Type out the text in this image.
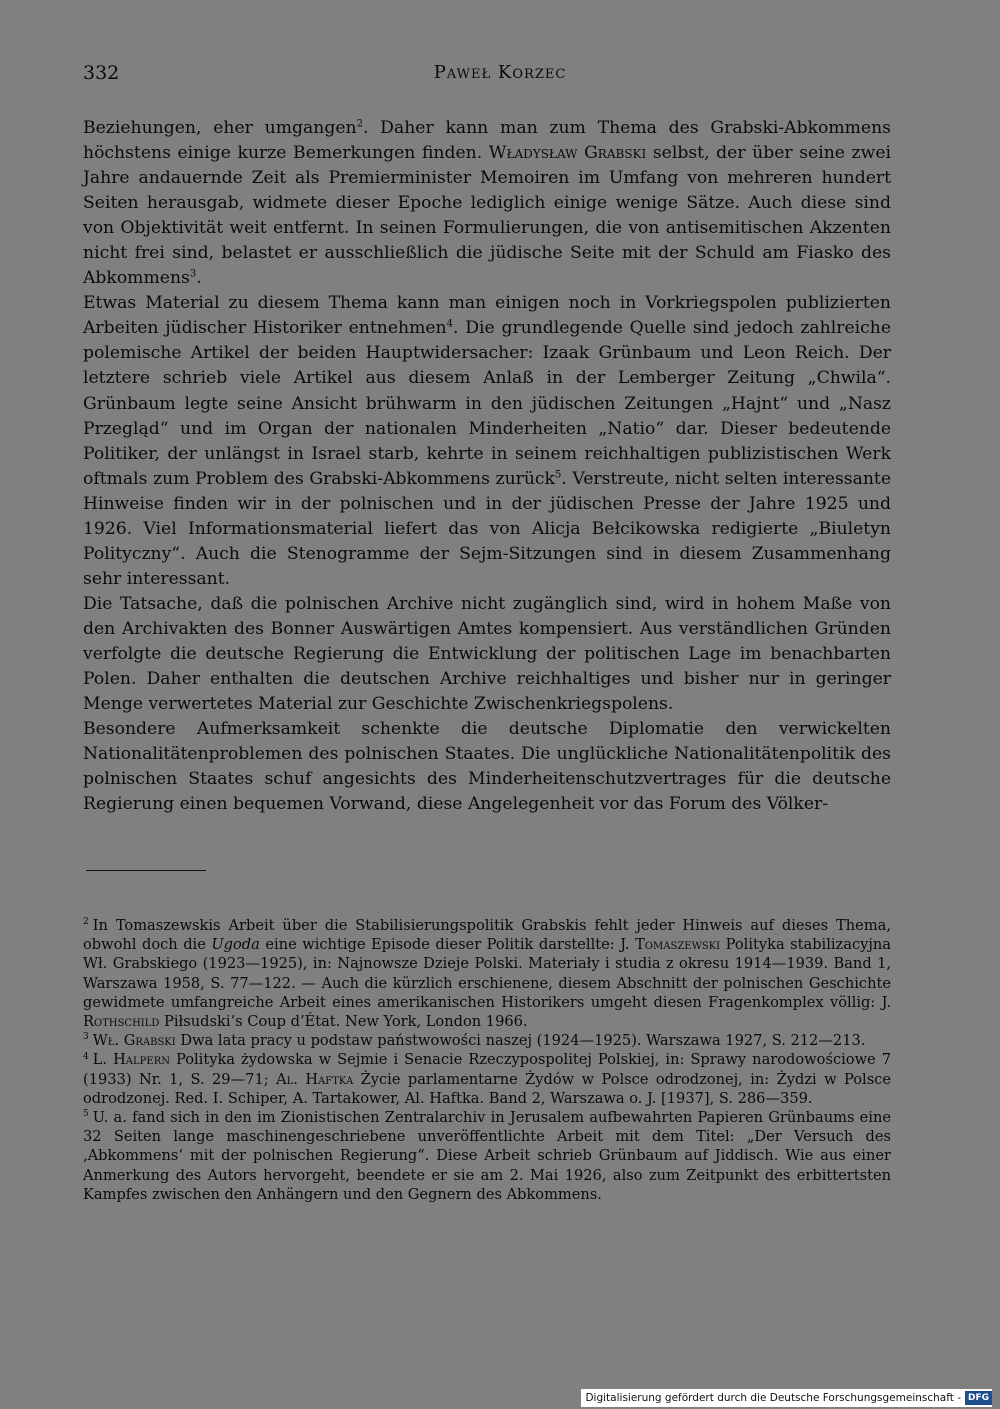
332	Paweł Korzec

Beziehungen, eher umgangen$^2$. Daher kann man zum Thema des Grabski-Abkommens höchstens einige kurze Bemerkungen finden. Władysław Grabski selbst, der über seine zwei Jahre andauernde Zeit als Premierminister Memoiren im Umfang von mehreren hundert Seiten herausgab, widmete dieser Epoche lediglich einige wenige Sätze. Auch diese sind von Objektivität weit entfernt. In seinen Formulierungen, die von antisemitischen Akzenten nicht frei sind, belastet er ausschließlich die jüdische Seite mit der Schuld am Fiasko des Abkommens$^3$.

Etwas Material zu diesem Thema kann man einigen noch in Vorkriegspolen publizierten Arbeiten jüdischer Historiker entnehmen$^4$. Die grundlegende Quelle sind jedoch zahlreiche polemische Artikel der beiden Hauptwidersacher: Izaak Grünbaum und Leon Reich. Der letztere schrieb viele Artikel aus diesem Anlaß in der Lemberger Zeitung „Chwila“. Grünbaum legte seine Ansicht brühwarm in den jüdischen Zeitungen „Hajnt“ und „Nasz Przegląd“ und im Organ der nationalen Minderheiten „Natio“ dar. Dieser bedeutende Politiker, der unlängst in Israel starb, kehrte in seinem reichhaltigen publizistischen Werk oftmals zum Problem des Grabski-Abkommens zurück$^5$. Verstreute, nicht selten interessante Hinweise finden wir in der polnischen und in der jüdischen Presse der Jahre 1925 und 1926. Viel Informationsmaterial liefert das von Alicja Bełcikowska redigierte „Biuletyn Polityczny“. Auch die Stenogramme der Sejm-Sitzungen sind in diesem Zusammenhang sehr interessant.

Die Tatsache, daß die polnischen Archive nicht zugänglich sind, wird in hohem Maße von den Archivakten des Bonner Auswärtigen Amtes kompensiert. Aus verständlichen Gründen verfolgte die deutsche Regierung die Entwicklung der politischen Lage im benachbarten Polen. Daher enthalten die deutschen Archive reichhaltiges und bisher nur in geringer Menge verwertetes Material zur Geschichte Zwischenkriegspolens.

Besondere Aufmerksamkeit schenkte die deutsche Diplomatie den verwickelten Nationalitätenproblemen des polnischen Staates. Die unglückliche Nationalitätenpolitik des polnischen Staates schuf angesichts des Minderheitenschutzvertrages für die deutsche Regierung einen bequemen Vorwand, diese Angelegenheit vor das Forum des Völker-

$^2$ In Tomaszewskis Arbeit über die Stabilisierungspolitik Grabskis fehlt jeder Hinweis auf dieses Thema, obwohl doch die Ugoda eine wichtige Episode dieser Politik darstellte: J. Tomaszewski Polityka stabilizacyjna Wł. Grabskiego (1923—1925), in: Najnowsze Dzieje Polski. Materiały i studia z okresu 1914—1939. Band 1, Warszawa 1958, S. 77—122. — Auch die kürzlich erschienene, diesem Abschnitt der polnischen Geschichte gewidmete umfangreiche Arbeit eines amerikanischen Historikers umgeht diesen Fragenkomplex völlig: J. Rothschild Piłsudski’s Coup d’État. New York, London 1966.

$^3$ Wł. Grabski Dwa lata pracy u podstaw państwowości naszej (1924—1925). Warszawa 1927, S. 212—213.

$^4$ L. Halpern Polityka żydowska w Sejmie i Senacie Rzeczypospolitej Polskiej, in: Sprawy narodowościowe 7 (1933) Nr. 1, S. 29—71; Al. Haftka Życie parlamentarne Żydów w Polsce odrodzonej, in: Żydzi w Polsce odrodzonej. Red. I. Schiper, A. Tartakower, Al. Haftka. Band 2, Warszawa o. J. [1937], S. 286—359.

$^5$ U. a. fand sich in den im Zionistischen Zentralarchiv in Jerusalem aufbewahrten Papieren Grünbaums eine 32 Seiten lange maschinengeschriebene unveröffentlichte Arbeit mit dem Titel: „Der Versuch des ‚Abkommens‘ mit der polnischen Regierung“. Diese Arbeit schrieb Grünbaum auf Jiddisch. Wie aus einer Anmerkung des Autors hervorgeht, beendete er sie am 2. Mai 1926, also zum Zeitpunkt des erbittertsten Kampfes zwischen den Anhängern und den Gegnern des Abkommens.

Digitalisierung gefördert durch die Deutsche Forschungsgemeinschaft - DFG
